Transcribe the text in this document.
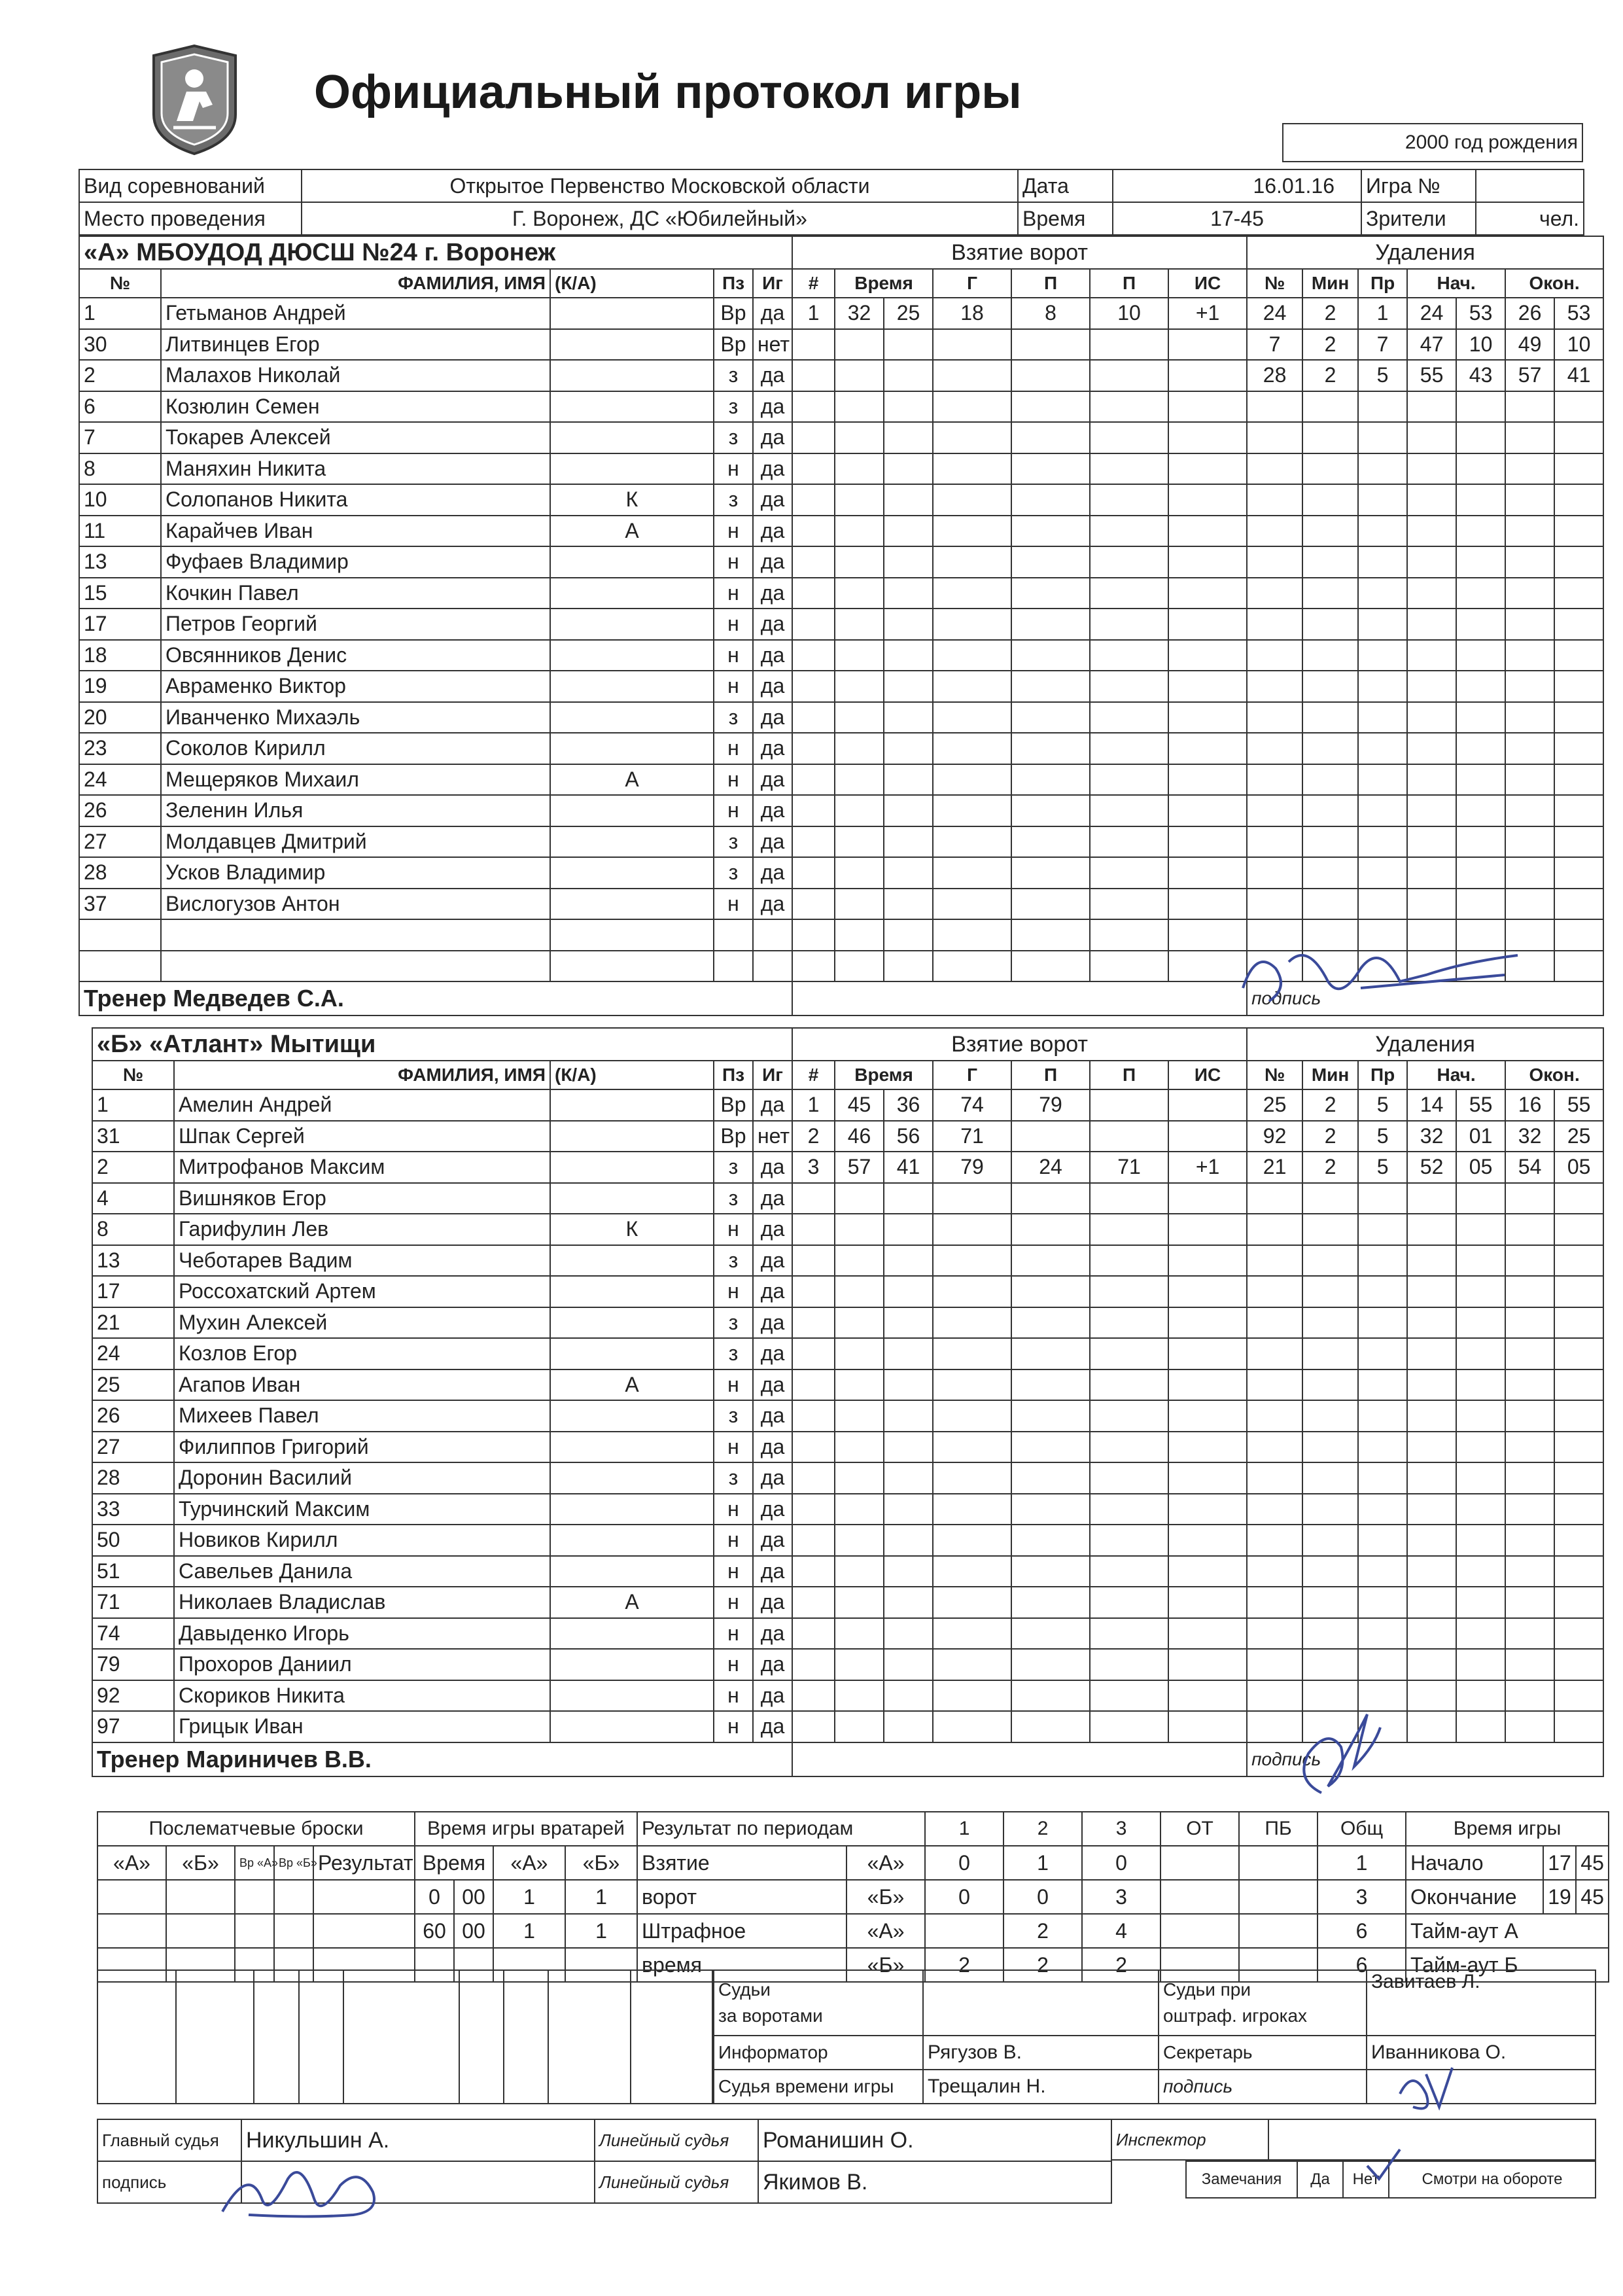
Официальный протокол игры
2000 год рождения
Вид соревнований	Открытое Первенство Московской области	Дата	16.01.16	Игра №	
Место проведения	Г. Воронеж, ДС «Юбилейный»	Время	17-45	Зрители	чел.
«А» МБОУДОД ДЮСШ №24 г. Воронеж					Взятие ворот							Удаления						
№	ФАМИЛИЯ, ИМЯ	(К/А)	Пз	Иг	#	Время		Г	П	П	ИС	№	Мин	Пр	Нач.		Окон.	
1	Гетьманов Андрей		Вр	да	1	32	25	18	8	10	+1	24	2	1	24	53	26	53
30	Литвинцев Егор		Вр	нет								7	2	7	47	10	49	10
2	Малахов Николай		з	да								28	2	5	55	43	57	41
6	Козюлин Семен		з	да														
7	Токарев Алексей		з	да														
8	Маняхин Никита		н	да														
10	Солопанов Никита	К	з	да														
11	Карайчев Иван	А	н	да														
13	Фуфаев Владимир		н	да														
15	Кочкин Павел		н	да														
17	Петров Георгий		н	да														
18	Овсянников Денис		н	да														
19	Авраменко Виктор		н	да														
20	Иванченко Михаэль		з	да														
23	Соколов Кирилл		н	да														
24	Мещеряков Михаил	А	н	да														
26	Зеленин Илья		н	да														
27	Молдавцев Дмитрий		з	да														
28	Усков Владимир		з	да														
37	Вислогузов Антон		н	да														

Тренер Медведев С.А.												подпись						
«Б» «Атлант» Мытищи					Взятие ворот							Удаления						
№	ФАМИЛИЯ, ИМЯ	(К/А)	Пз	Иг	#	Время		Г	П	П	ИС	№	Мин	Пр	Нач.		Окон.	
1	Амелин Андрей		Вр	да	1	45	36	74	79			25	2	5	14	55	16	55
31	Шпак Сергей		Вр	нет	2	46	56	71				92	2	5	32	01	32	25
2	Митрофанов Максим		з	да	3	57	41	79	24	71	+1	21	2	5	52	05	54	05
4	Вишняков Егор		з	да														
8	Гарифулин Лев	К	н	да														
13	Чеботарев Вадим		з	да														
17	Россохатский Артем		н	да														
21	Мухин Алексей		з	да														
24	Козлов Егор		з	да														
25	Агапов Иван	А	н	да														
26	Михеев Павел		з	да														
27	Филиппов Григорий		н	да														
28	Доронин Василий		з	да														
33	Турчинский Максим		н	да														
50	Новиков Кирилл		н	да														
51	Савельев Данила		н	да														
71	Николаев Владислав	А	н	да														
74	Давыденко Игорь		н	да														
79	Прохоров Даниил		н	да														
92	Скориков Никита		н	да														
97	Грицык Иван		н	да														
Тренер Мариничев В.В.												подпись						
Послематчевые броски					Время игры вратарей				Результат по периодам		1	2	3	ОТ	ПБ	Общ	Время игры		
«А»	«Б»	Вр «А»	Вр «Б»	Результат	Время		«А»	«Б»	Взятие	«А»	0	1	0			1	Начало	17	45
					0	00	1	1	ворот	«Б»	0	0	3			3	Окончание	19	45
					60	00	1	1	Штрафное	«А»		2	4			6	Тайм-аут А		
									время	«Б»	2	2	2			6	Тайм-аут Б		
Судьи
за воротами		Судьи при
оштраф. игроках	Завитаев Л.
Информатор	Рягузов В.	Секретарь	Иванникова О.
Судья времени игры	Трещалин Н.	подпись	

Главный судья	Никульшин А.	Линейный судья	Романишин О.
подпись		Линейный судья	Якимов В.
Инспектор	
Замечания	Да	Нет	Смотри на обороте
